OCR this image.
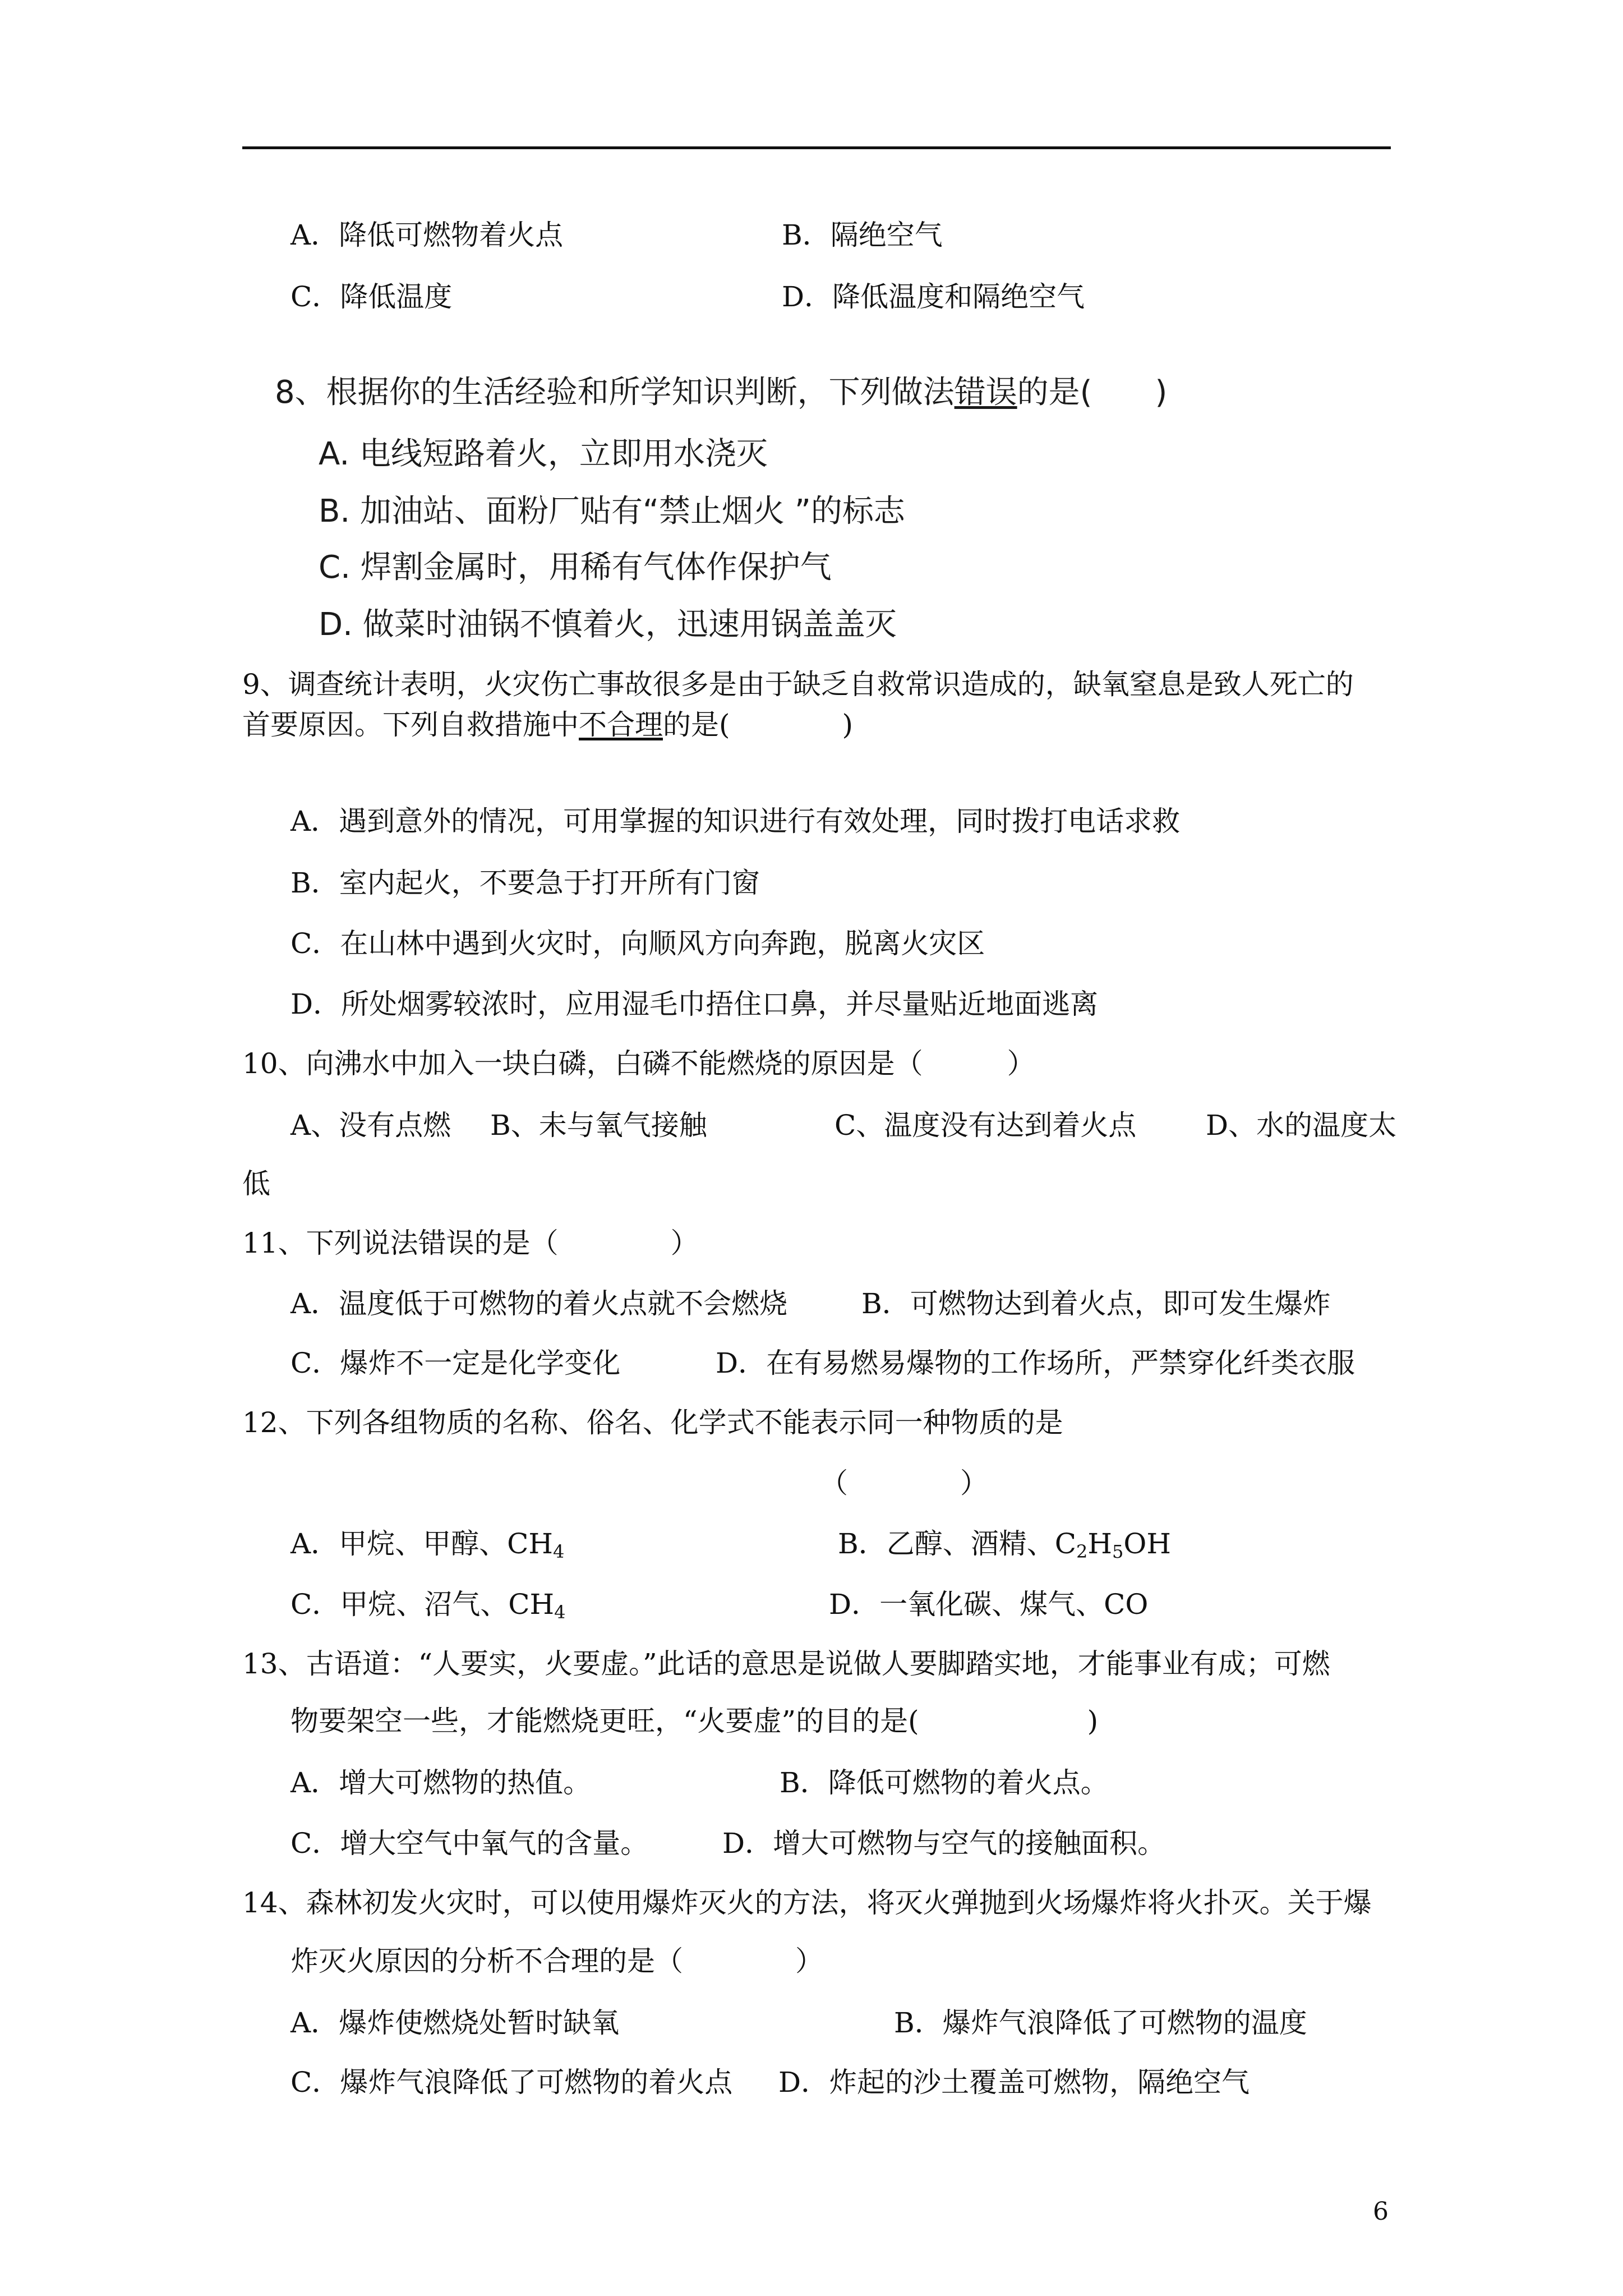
A．降低可燃物着火点	B．隔绝空气
C．降低温度	D．降低温度和隔绝空气
8、根据你的生活经验和所学知识判断，下列做法错误的是(　　)
A. 电线短路着火，立即用水浇灭
B. 加油站、面粉厂贴有“禁止烟火 ”的标志
C. 焊割金属时，用稀有气体作保护气
D. 做菜时油锅不慎着火，迅速用锅盖盖灭
9、调查统计表明，火灾伤亡事故很多是由于缺乏自救常识造成的，缺氧窒息是致人死亡的
首要原因。下列自救措施中不合理的是(　　　　)
A．遇到意外的情况，可用掌握的知识进行有效处理，同时拨打电话求救
B．室内起火，不要急于打开所有门窗
C．在山林中遇到火灾时，向顺风方向奔跑，脱离火灾区
D．所处烟雾较浓时，应用湿毛巾捂住口鼻，并尽量贴近地面逃离
10、向沸水中加入一块白磷，白磷不能燃烧的原因是（　　　）
A、没有点燃 B、未与氧气接触	C、温度没有达到着火点 D、水的温度太
低
11、下列说法错误的是（　　　　）
A．温度低于可燃物的着火点就不会燃烧	B．可燃物达到着火点，即可发生爆炸
C．爆炸不一定是化学变化	D．在有易燃易爆物的工作场所，严禁穿化纤类衣服
12、下列各组物质的名称、俗名、化学式不能表示同一种物质的是
（　　　　）
A．甲烷、甲醇、$CH_4$	B．乙醇、酒精、$C_2H_5OH$
C．甲烷、沼气、$CH_4$	D．一氧化碳、煤气、CO
13、古语道：“人要实，火要虚。”此话的意思是说做人要脚踏实地，才能事业有成；可燃
物要架空一些，才能燃烧更旺，“火要虚”的目的是(　　　　　　)
A．增大可燃物的热值。	B．降低可燃物的着火点。
C．增大空气中氧气的含量。	D．增大可燃物与空气的接触面积。
14、森林初发火灾时，可以使用爆炸灭火的方法，将灭火弹抛到火场爆炸将火扑灭。关于爆
炸灭火原因的分析不合理的是（　　　　）
A．爆炸使燃烧处暂时缺氧	B．爆炸气浪降低了可燃物的温度
C．爆炸气浪降低了可燃物的着火点 D．炸起的沙土覆盖可燃物，隔绝空气
6
